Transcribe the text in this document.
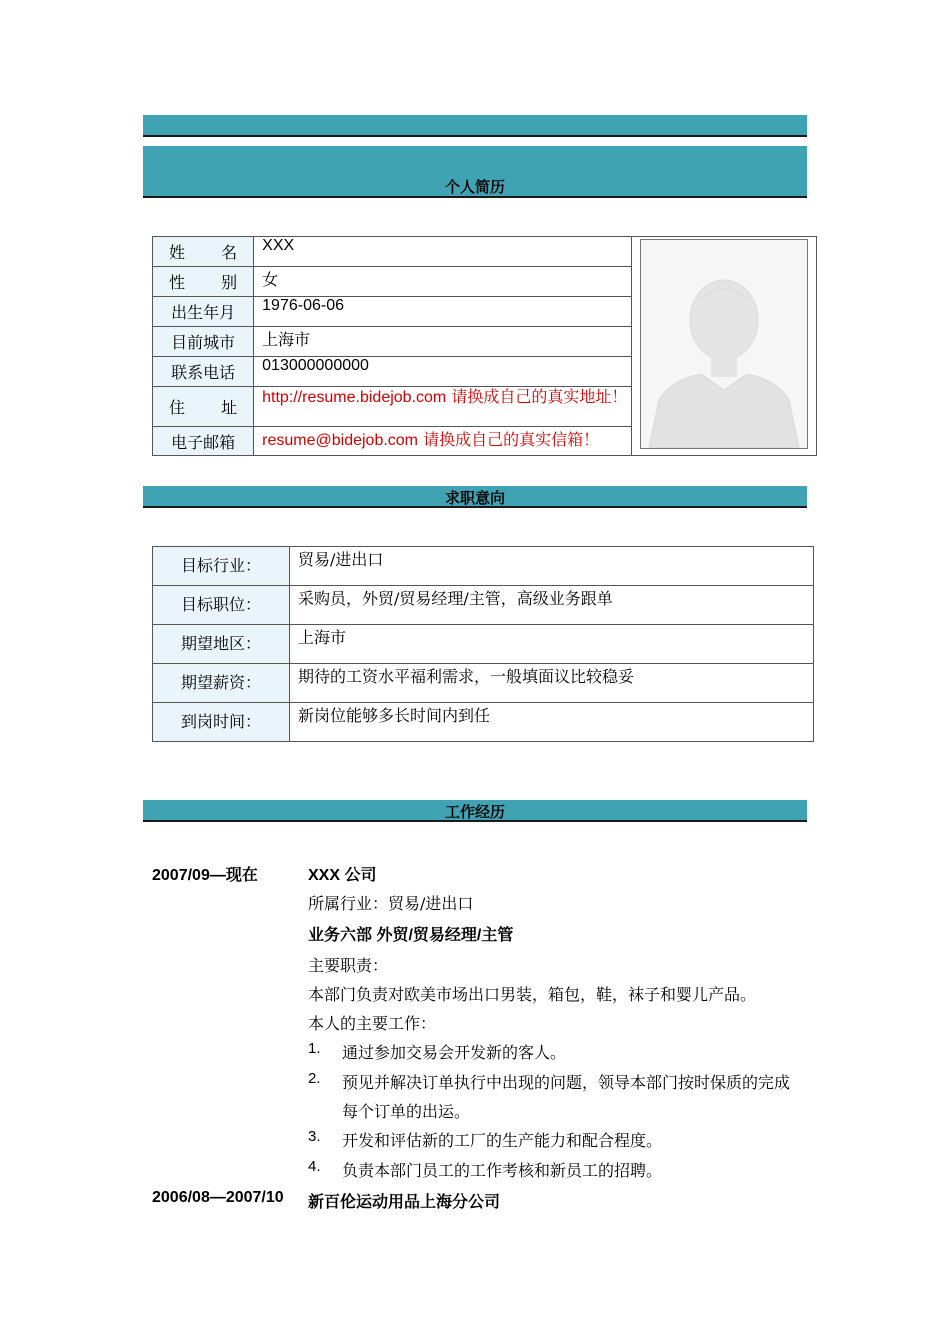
个人简历
姓 名	XXX	

性 别	女	
出生年月	1976-06-06	
目前城市	上海市	
联系电话	013000000000	

住 址	http://resume.bidejob.com 请换成自己的真实地址！	
电子邮箱	resume@bidejob.com 请换成自己的真实信箱！	
求职意向
目标行业：	贸易/进出口
目标职位：	采购员，外贸/贸易经理/主管，高级业务跟单
期望地区：	上海市
期望薪资：	期待的工资水平福利需求，一般填面议比较稳妥
到岗时间：	新岗位能够多长时间内到任
工作经历
2007/09—现在	XXX 公司
所属行业：贸易/进出口
业务六部 外贸/贸易经理/主管
主要职责：
本部门负责对欧美市场出口男装，箱包，鞋，袜子和婴儿产品。
本人的主要工作：
1. 通过参加交易会开发新的客人。
2. 预见并解决订单执行中出现的问题，领导本部门按时保质的完成
每个订单的出运。
3. 开发和评估新的工厂的生产能力和配合程度。
4. 负责本部门员工的工作考核和新员工的招聘。
2006/08—2007/10 新百伦运动用品上海分公司
